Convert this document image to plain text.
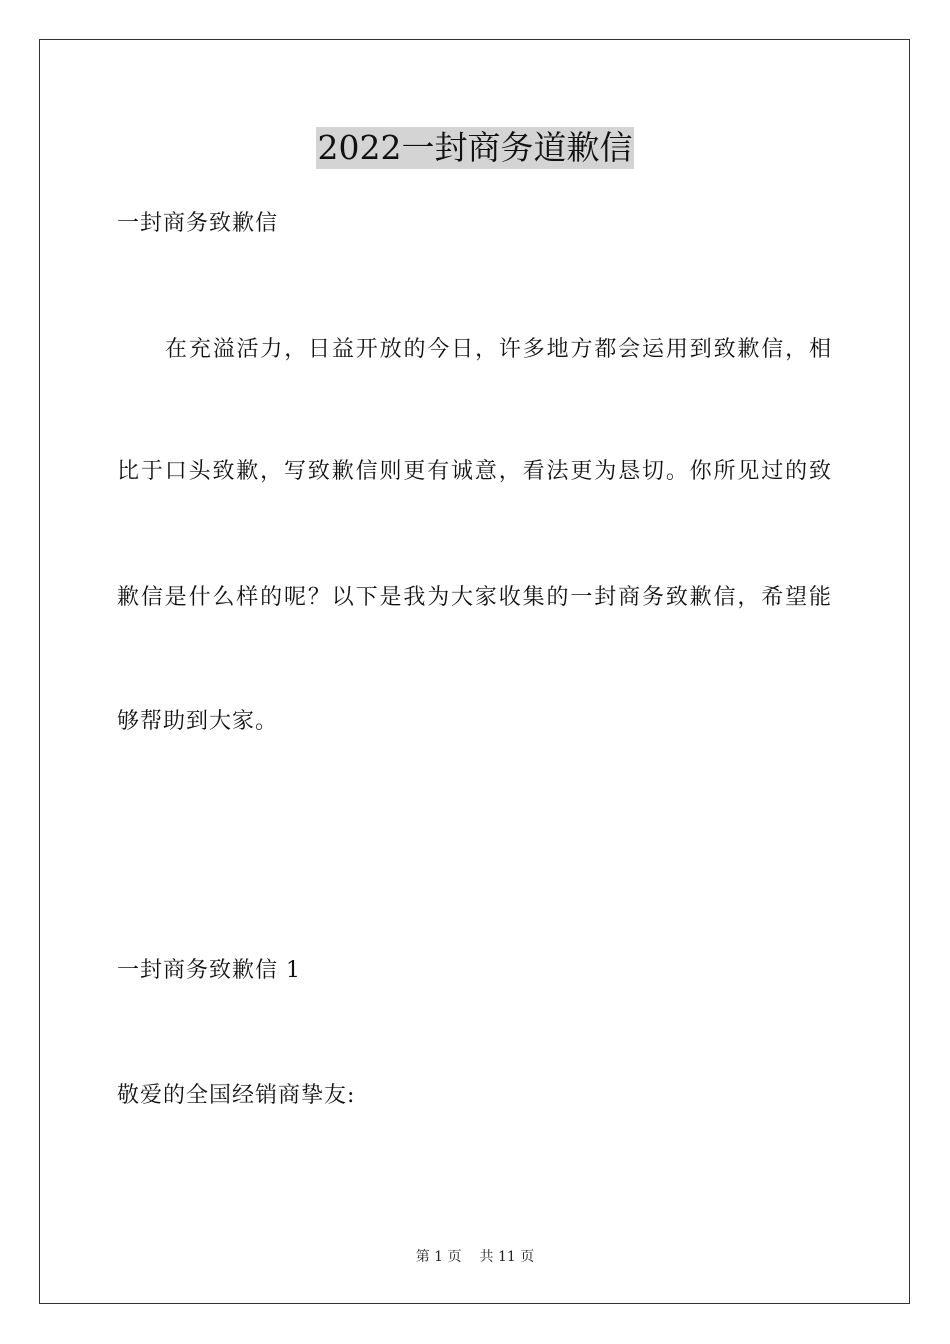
2022一封商务道歉信
一封商务致歉信
在充溢活力，日益开放的今日，许多地方都会运用到致歉信，相
比于口头致歉，写致歉信则更有诚意，看法更为恳切。你所见过的致
歉信是什么样的呢？以下是我为大家收集的一封商务致歉信，希望能
够帮助到大家。
一封商务致歉信 1
敬爱的全国经销商挚友:
第 1 页 共 11 页
